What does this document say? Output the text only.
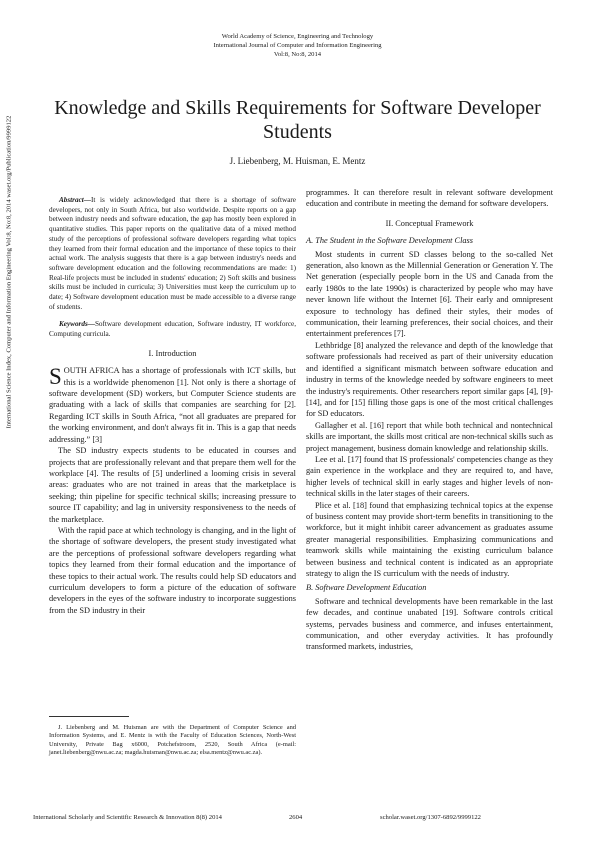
World Academy of Science, Engineering and Technology
International Journal of Computer and Information Engineering
Vol:8, No:8, 2014
International Science Index, Computer and Information Engineering Vol:8, No:8, 2014 waset.org/Publication/9999122
Knowledge and Skills Requirements for Software Developer Students
J. Liebenberg, M. Huisman, E. Mentz

Abstract—It is widely acknowledged that there is a shortage of software developers, not only in South Africa, but also worldwide. Despite reports on a gap between industry needs and software education, the gap has mostly been explored in quantitative studies. This paper reports on the qualitative data of a mixed method study of the perceptions of professional software developers regarding what topics they learned from their formal education and the importance of these topics to their actual work. The analysis suggests that there is a gap between industry's needs and software development education and the following recommendations are made: 1) Real-life projects must be included in students' education; 2) Soft skills and business skills must be included in curricula; 3) Universities must keep the curriculum up to date; 4) Software development education must be made accessible to a diverse range of students.

Keywords—Software development education, Software industry, IT workforce, Computing curricula.

I. Introduction

SOUTH AFRICA has a shortage of professionals with ICT skills, but this is a worldwide phenomenon [1]. Not only is there a shortage of software development (SD) workers, but Computer Science students are graduating with a lack of skills that companies are searching for [2]. Regarding ICT skills in South Africa, “not all graduates are prepared for the working environment, and don't always fit in. This is a gap that needs addressing.” [3]

The SD industry expects students to be educated in courses and projects that are professionally relevant and that prepare them well for the workplace [4]. The results of [5] underlined a looming crisis in several areas: graduates who are not trained in areas that the marketplace is seeking; thin pipeline for specific technical skills; increasing pressure to source IT capability; and lag in university responsiveness to the needs of the marketplace.

With the rapid pace at which technology is changing, and in the light of the shortage of software developers, the present study investigated what are the perceptions of professional software developers regarding what topics they learned from their formal education and the importance of these topics to their actual work. The results could help SD educators and curriculum developers to form a picture of the education of software developers in the eyes of the software industry to incorporate suggestions from the SD industry in their

programmes. It can therefore result in relevant software development education and contribute in meeting the demand for software developers.

II. Conceptual Framework
A. The Student in the Software Development Class

Most students in current SD classes belong to the so-called Net generation, also known as the Millennial Generation or Generation Y. The Net generation (especially people born in the US and Canada from the early 1980s to the late 1990s) is characterized by people who may have never known life without the Internet [6]. Their early and omnipresent exposure to technology has defined their styles, their modes of communication, their learning preferences, their social choices, and their entertainment preferences [7].

Lethbridge [8] analyzed the relevance and depth of the knowledge that software professionals had received as part of their university education and identified a significant mismatch between software education and industry in terms of the knowledge needed by software engineers to meet the industry's requirements. Other researchers report similar gaps [4], [9]-[14], and for [15] filling those gaps is one of the most critical challenges for SD educators.

Gallagher et al. [16] report that while both technical and nontechnical skills are important, the skills most critical are non-technical skills such as project management, business domain knowledge and relationship skills.

Lee et al. [17] found that IS professionals' competencies change as they gain experience in the workplace and they are required to, and have, higher levels of technical skill in early stages and higher levels of non-technical skills in the later stages of their careers.

Plice et al. [18] found that emphasizing technical topics at the expense of business content may provide short-term benefits in transitioning to the workforce, but it might inhibit career advancement as graduates assume greater managerial responsibilities. Emphasizing communications and teamwork skills while maintaining the existing curriculum balance between business and technical content is indicated as an appropriate strategy to align the IS curriculum with the needs of industry.

B. Software Development Education

Software and technical developments have been remarkable in the last few decades, and continue unabated [19]. Software controls critical systems, pervades business and commerce, and infuses entertainment, communication, and other everyday activities. It has profoundly transformed markets, industries,

J. Liebenberg and M. Huisman are with the Department of Computer Science and Information Systems, and E. Mentz is with the Faculty of Education Sciences, North-West University, Private Bag x6000, Potchefstroom, 2520, South Africa (e-mail: janet.liebenberg@nwu.ac.za; magda.huisman@nwu.ac.za; elsa.mentz@nwu.ac.za).

International Scholarly and Scientific Research & Innovation 8(8) 2014	2604	scholar.waset.org/1307-6892/9999122
